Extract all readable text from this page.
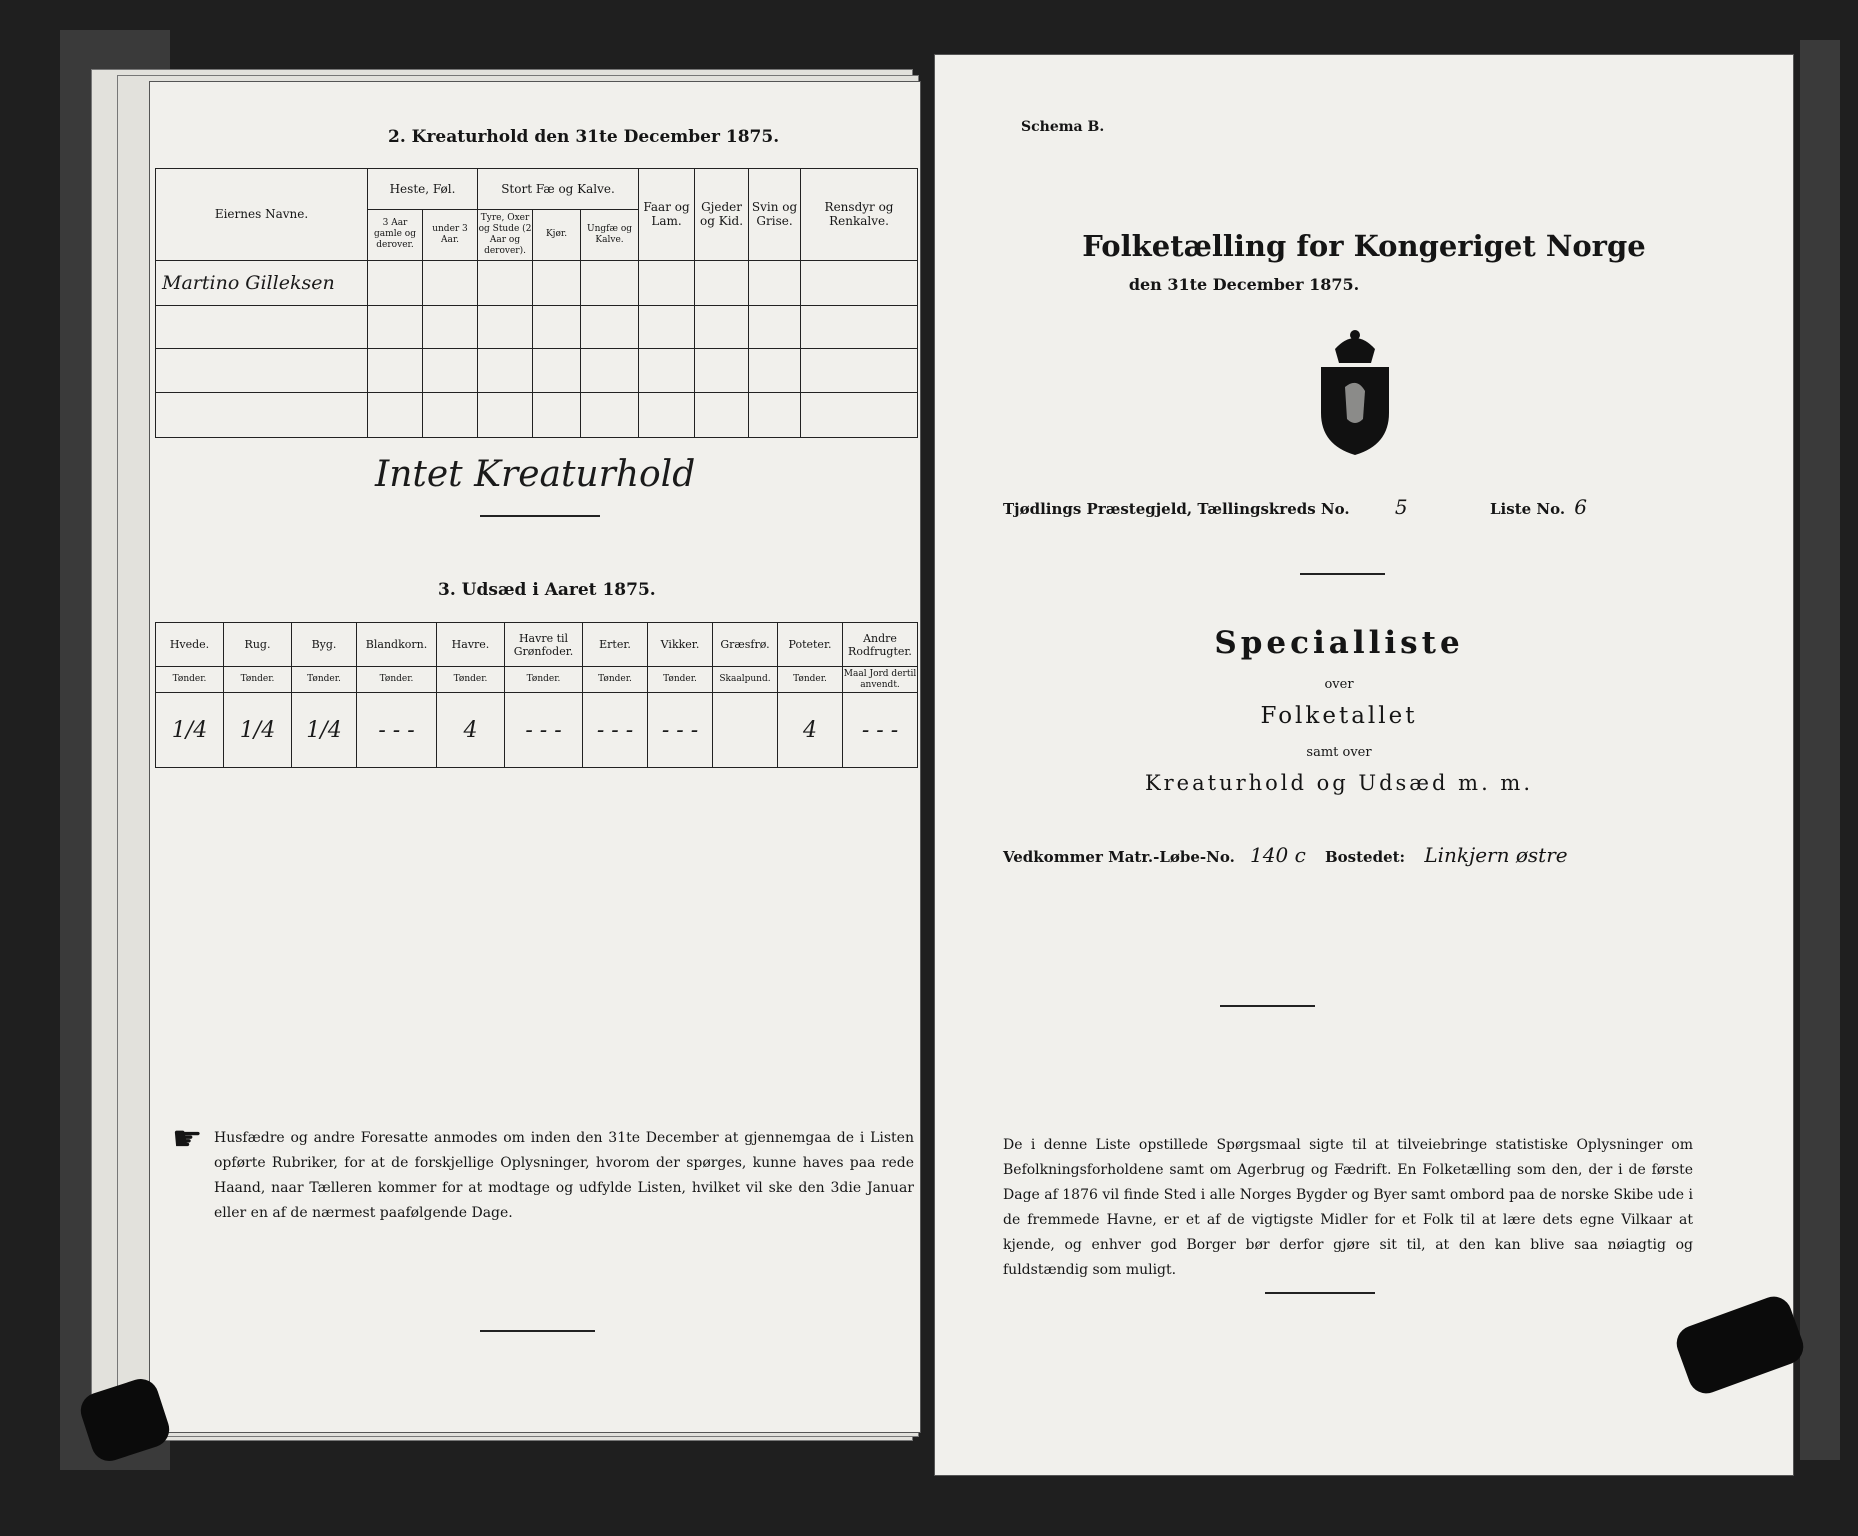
2. Kreaturhold den 31te December 1875.
Eiernes Navne.	Heste, Føl.		Stort Fæ og Kalve.			Faar og Lam.	Gjeder og Kid.	Svin og Grise.	Rensdyr og Renkalve.
	3 Aar gamle og derover.	under 3 Aar.	Tyre, Oxer og Stude (2 Aar og derover).	Kjør.	Ungfæ og Kalve.				
Martino Gilleksen									

Intet Kreaturhold
3. Udsæd i Aaret 1875.
Hvede.	Rug.	Byg.	Blandkorn.	Havre.	Havre til Grønfoder.	Erter.	Vikker.	Græsfrø.	Poteter.	Andre Rodfrugter.
Tønder.	Tønder.	Tønder.	Tønder.	Tønder.	Tønder.	Tønder.	Tønder.	Skaalpund.	Tønder.	Maal Jord dertil anvendt.
1/4	1/4	1/4	- - -	4	- - -	- - -	- - -		4	- - -
☛ Husfædre og andre Foresatte anmodes om inden den 31te December at gjennemgaa de i Listen opførte Rubriker, for at de forskjellige Oplysninger, hvorom der spørges, kunne haves paa rede Haand, naar Tælleren kommer for at modtage og udfylde Listen, hvilket vil ske den 3die Januar eller en af de nærmest paafølgende Dage.
Schema B.
Folketælling for Kongeriget Norge
den 31te December 1875.
Tjødlings Præstegjeld, Tællingskreds No. 5	Liste No. 6
Specialliste
over
Folketallet
samt over
Kreaturhold og Udsæd m. m.
Vedkommer Matr.-Løbe-No. 140 c Bostedet: Linkjern østre
De i denne Liste opstillede Spørgsmaal sigte til at tilveiebringe statistiske Oplysninger om Befolkningsforholdene samt om Agerbrug og Fædrift. En Folketælling som den, der i de første Dage af 1876 vil finde Sted i alle Norges Bygder og Byer samt ombord paa de norske Skibe ude i de fremmede Havne, er et af de vigtigste Midler for et Folk til at lære dets egne Vilkaar at kjende, og enhver god Borger bør derfor gjøre sit til, at den kan blive saa nøiagtig og fuldstændig som muligt.
